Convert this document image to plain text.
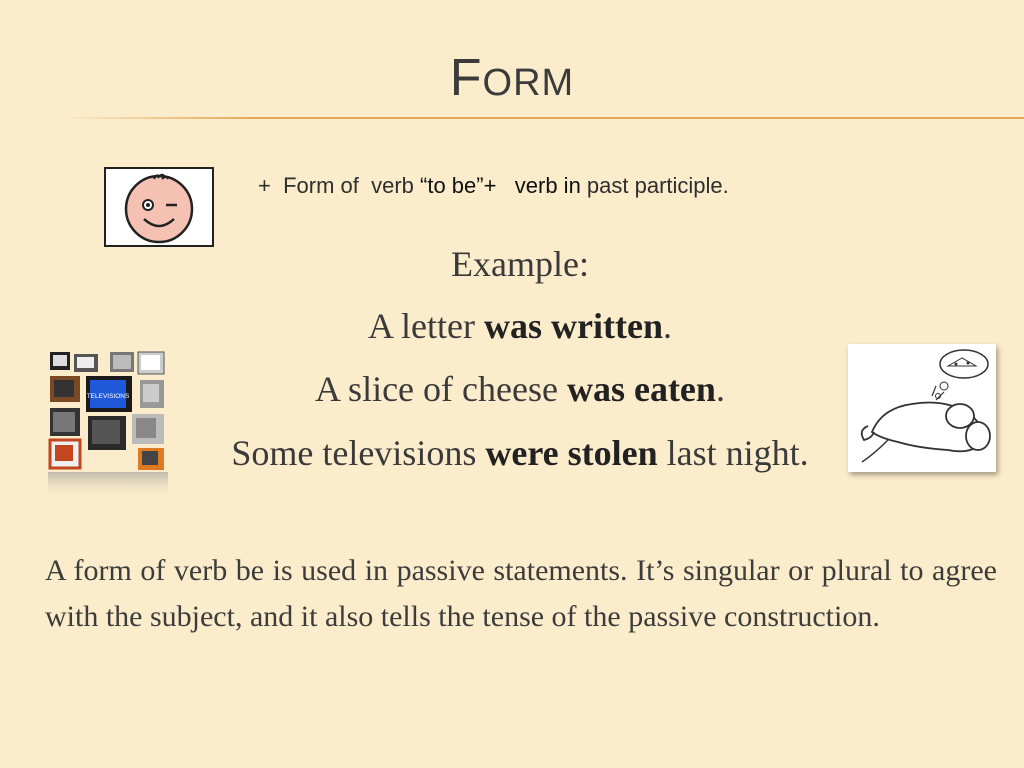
FORM
+  Form of  verb “to be”+   verb in past participle.
Example:
A letter was written.
A slice of cheese was eaten.
Some televisions were stolen last night.
TELEVISIONS
A form of verb be is used in passive statements. It’s singular or plural to agree with the subject, and it also tells the tense of the passive construction.
